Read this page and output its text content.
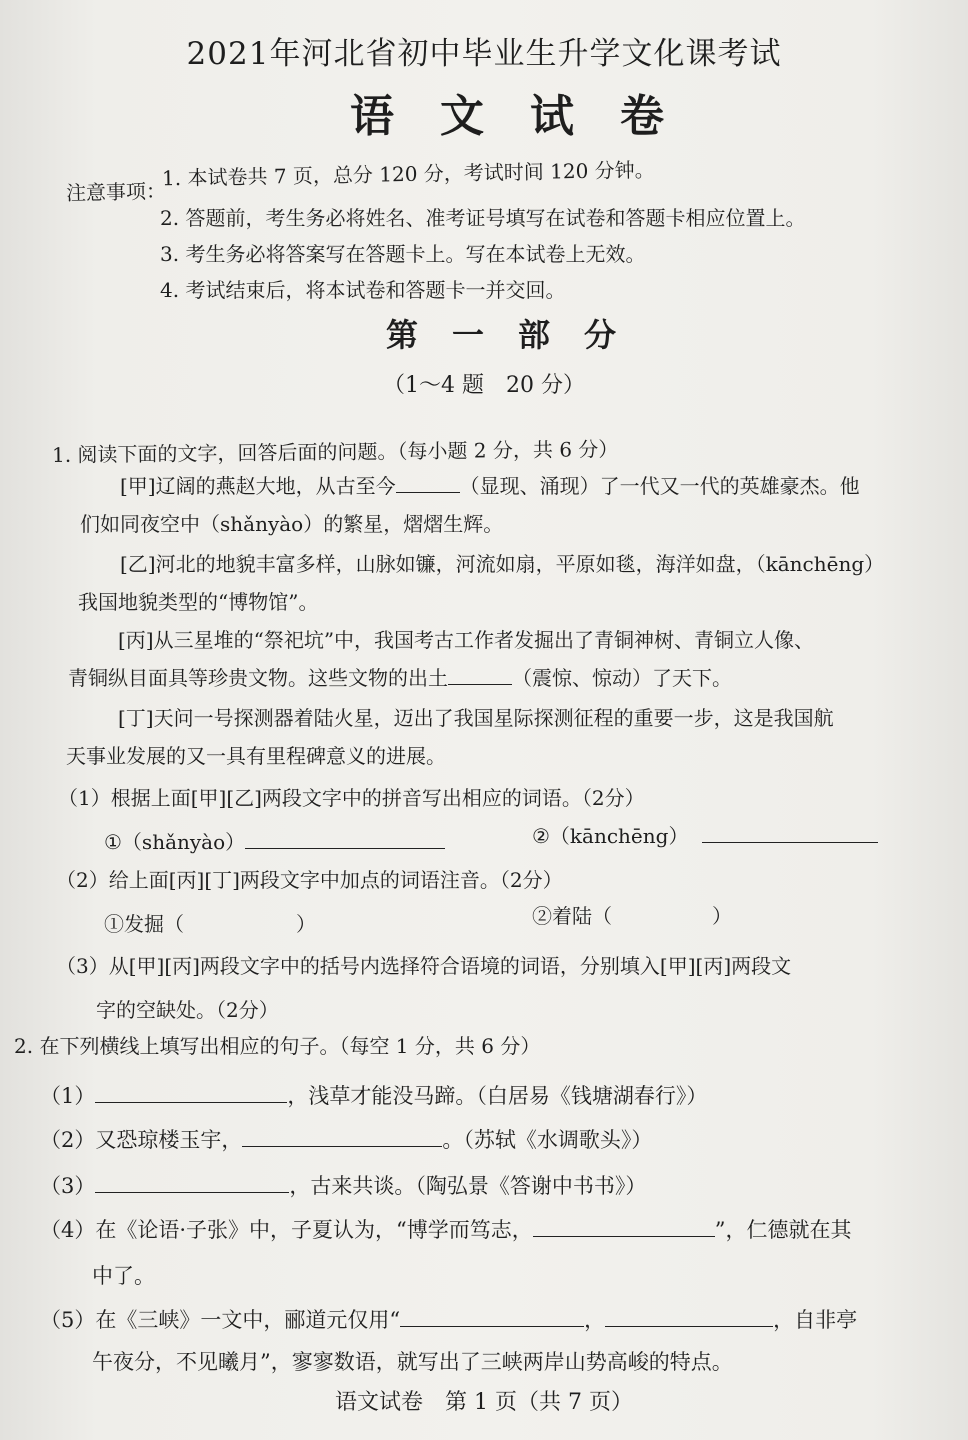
2021年河北省初中毕业生升学文化课考试
语文试卷
注意事项：
1. 本试卷共 7 页，总分 120 分，考试时间 120 分钟。
2. 答题前，考生务必将姓名、准考证号填写在试卷和答题卡相应位置上。
3. 考生务必将答案写在答题卡上。写在本试卷上无效。
4. 考试结束后，将本试卷和答题卡一并交回。
第一部分
（1～4 题　20 分）
1. 阅读下面的文字，回答后面的问题。（每小题 2 分，共 6 分）
[甲]辽阔的燕赵大地，从古至今	（显现、涌现）了一代又一代的英雄豪杰。他
们如同夜空中（shǎnyào）的繁星，熠熠生辉。
[乙]河北的地貌丰富多样，山脉如镰，河流如扇，平原如毯，海洋如盘，（kānchēng）
我国地貌类型的“博物馆”。
[丙]从三星堆的“祭祀坑”中，我国考古工作者发掘出了青铜神树、青铜立人像、
青铜纵目面具等珍贵文物。这些文物的出土	（震惊、惊动）了天下。
[丁]天问一号探测器着陆火星，迈出了我国星际探测征程的重要一步，这是我国航
天事业发展的又一具有里程碑意义的进展。
（1）根据上面[甲][乙]两段文字中的拼音写出相应的词语。（2分）
①（shǎnyào）	②（kānchēng）
（2）给上面[丙][丁]两段文字中加点的词语注音。（2分）
①发掘（	）	②着陆（	）
（3）从[甲][丙]两段文字中的括号内选择符合语境的词语，分别填入[甲][丙]两段文
字的空缺处。（2分）
2. 在下列横线上填写出相应的句子。（每空 1 分，共 6 分）
（1）	，浅草才能没马蹄。（白居易《钱塘湖春行》）
（2）又恐琼楼玉宇，	。（苏轼《水调歌头》）
（3）	，古来共谈。（陶弘景《答谢中书书》）
（4）在《论语·子张》中，子夏认为，“博学而笃志，	”，仁德就在其
中了。
（5）在《三峡》一文中，郦道元仅用“	，	，自非亭
午夜分，不见曦月”，寥寥数语，就写出了三峡两岸山势高峻的特点。
语文试卷　第 1 页（共 7 页）
